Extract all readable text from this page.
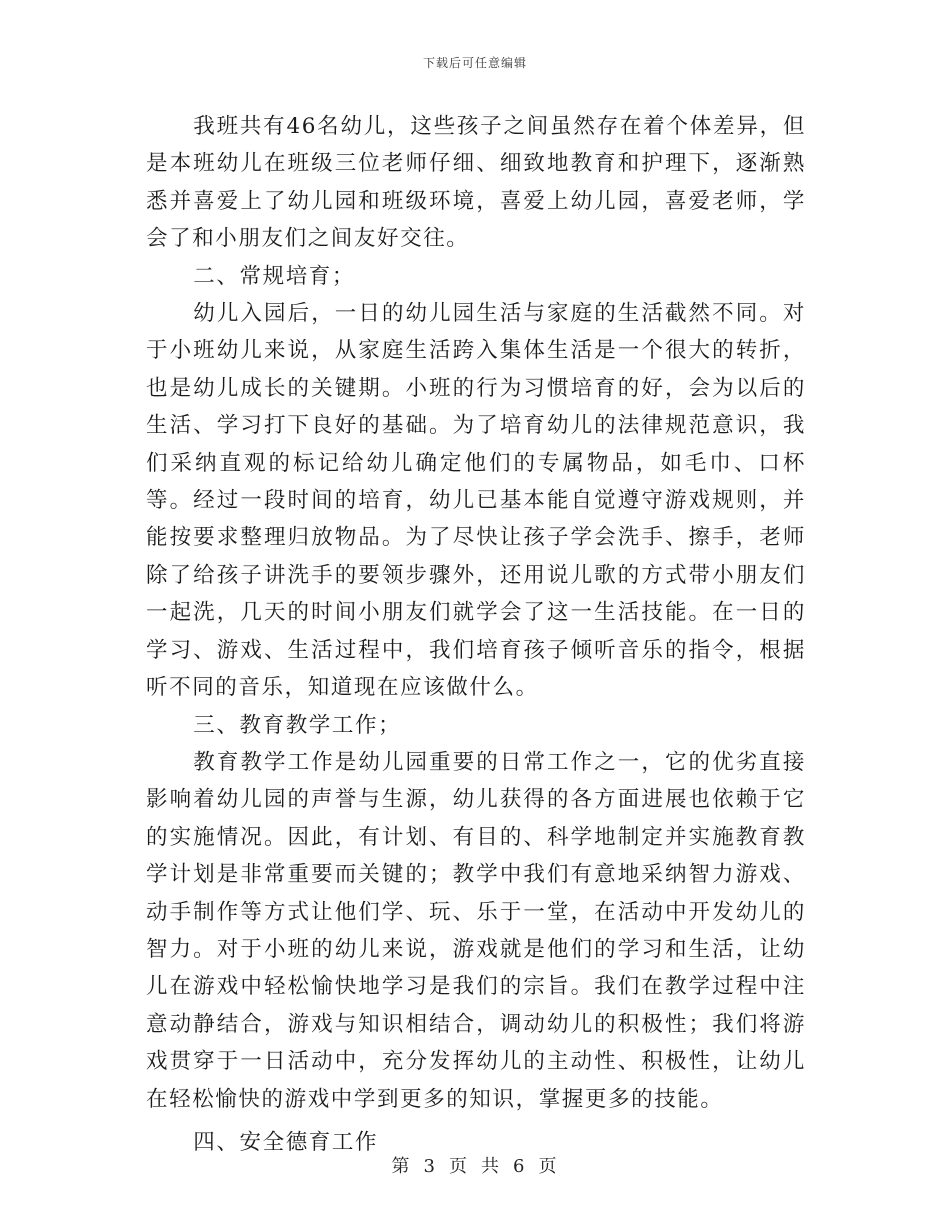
下载后可任意编辑

我班共有46名幼儿，这些孩子之间虽然存在着个体差异，但是本班幼儿在班级三位老师仔细、细致地教育和护理下，逐渐熟悉并喜爱上了幼儿园和班级环境，喜爱上幼儿园，喜爱老师，学会了和小朋友们之间友好交往。

二、常规培育；

幼儿入园后，一日的幼儿园生活与家庭的生活截然不同。对于小班幼儿来说，从家庭生活跨入集体生活是一个很大的转折，也是幼儿成长的关键期。小班的行为习惯培育的好，会为以后的生活、学习打下良好的基础。为了培育幼儿的法律规范意识，我们采纳直观的标记给幼儿确定他们的专属物品，如毛巾、口杯等。经过一段时间的培育，幼儿已基本能自觉遵守游戏规则，并能按要求整理归放物品。为了尽快让孩子学会洗手、擦手，老师除了给孩子讲洗手的要领步骤外，还用说儿歌的方式带小朋友们一起洗，几天的时间小朋友们就学会了这一生活技能。在一日的学习、游戏、生活过程中，我们培育孩子倾听音乐的指令，根据听不同的音乐，知道现在应该做什么。

三、教育教学工作；

教育教学工作是幼儿园重要的日常工作之一，它的优劣直接影响着幼儿园的声誉与生源，幼儿获得的各方面进展也依赖于它的实施情况。因此，有计划、有目的、科学地制定并实施教育教学计划是非常重要而关键的；教学中我们有意地采纳智力游戏、动手制作等方式让他们学、玩、乐于一堂，在活动中开发幼儿的智力。对于小班的幼儿来说，游戏就是他们的学习和生活，让幼儿在游戏中轻松愉快地学习是我们的宗旨。我们在教学过程中注意动静结合，游戏与知识相结合，调动幼儿的积极性；我们将游戏贯穿于一日活动中，充分发挥幼儿的主动性、积极性，让幼儿在轻松愉快的游戏中学到更多的知识，掌握更多的技能。

四、安全德育工作

第 3 页 共 6 页
